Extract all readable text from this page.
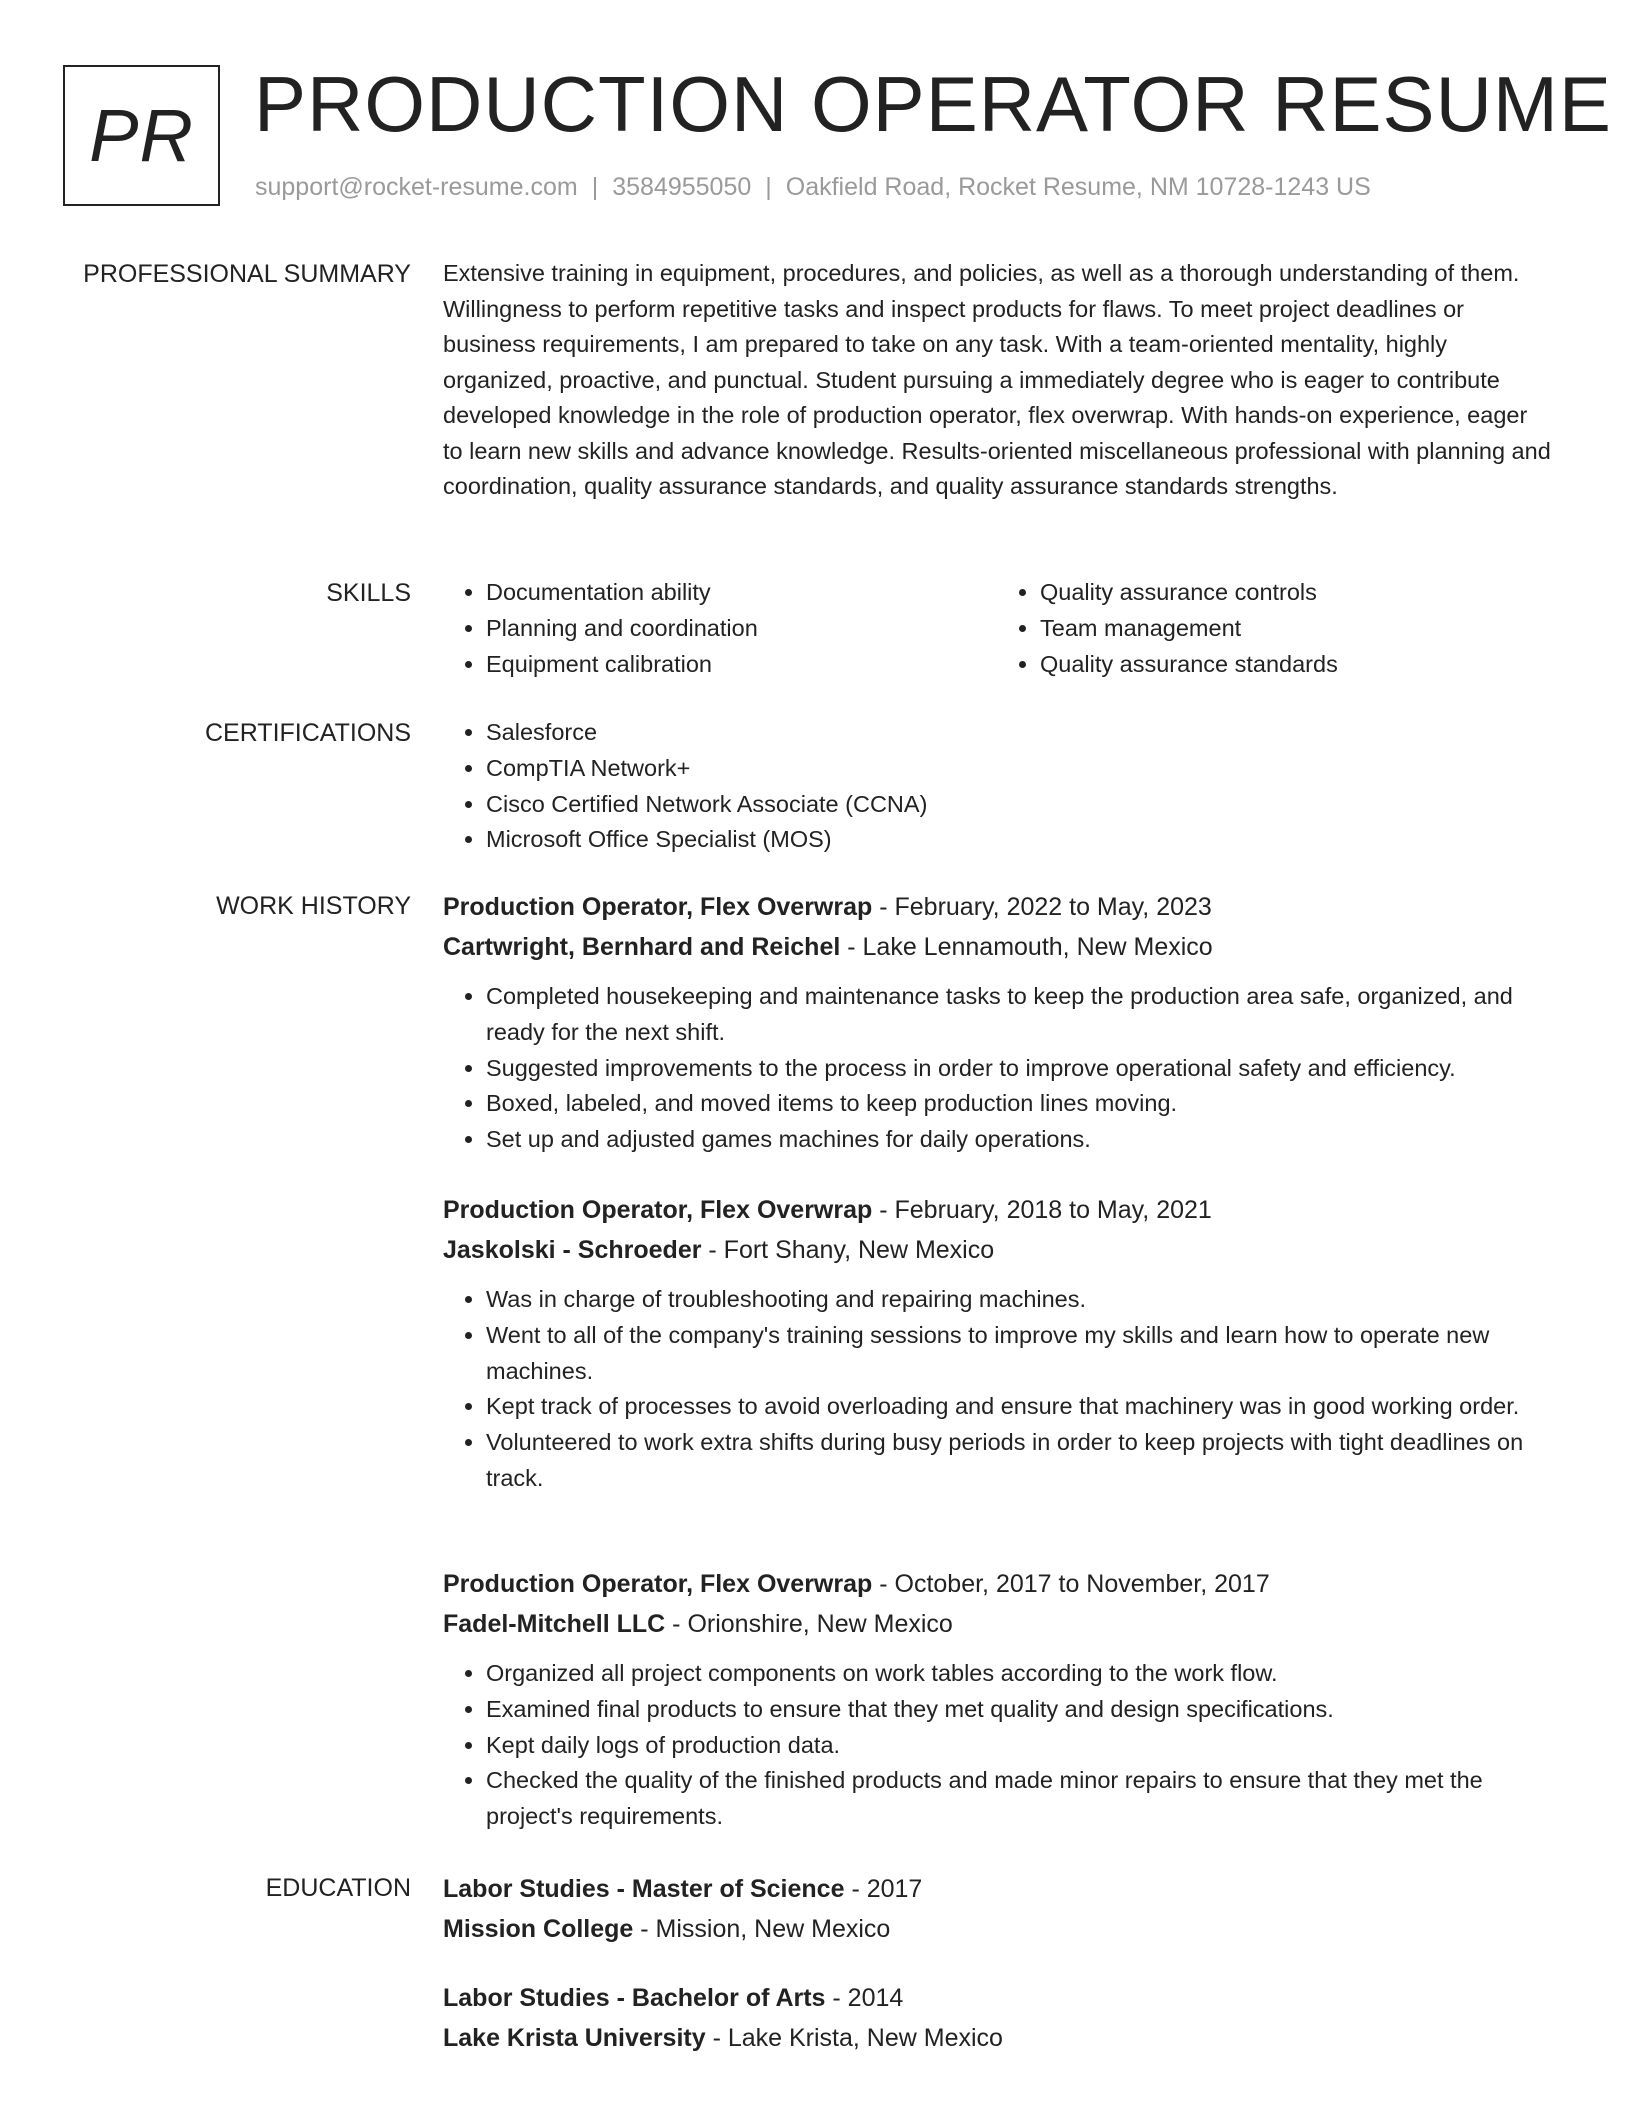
PR PRODUCTION OPERATOR RESUME
support@rocket-resume.com | 3584955050 | Oakfield Road, Rocket Resume, NM 10728-1243 US
PROFESSIONAL SUMMARY Extensive training in equipment, procedures, and policies, as well as a thorough understanding of them. Willingness to perform repetitive tasks and inspect products for flaws. To meet project deadlines or business requirements, I am prepared to take on any task. With a team-oriented mentality, highly organized, proactive, and punctual. Student pursuing a immediately degree who is eager to contribute developed knowledge in the role of production operator, flex overwrap. With hands-on experience, eager to learn new skills and advance knowledge. Results-oriented miscellaneous professional with planning and coordination, quality assurance standards, and quality assurance standards strengths.
SKILLS	• Documentation ability
• Planning and coordination
• Equipment calibration
• Quality assurance controls
• Team management
• Quality assurance standards
CERTIFICATIONS	• Salesforce
• CompTIA Network+
• Cisco Certified Network Associate (CCNA)
• Microsoft Office Specialist (MOS)
WORK HISTORY Production Operator, Flex Overwrap - February, 2022 to May, 2023
Cartwright, Bernhard and Reichel - Lake Lennamouth, New Mexico
• Completed housekeeping and maintenance tasks to keep the production area safe, organized, and ready for the next shift.
• Suggested improvements to the process in order to improve operational safety and efficiency.
• Boxed, labeled, and moved items to keep production lines moving.
• Set up and adjusted games machines for daily operations.
Production Operator, Flex Overwrap - February, 2018 to May, 2021
Jaskolski - Schroeder - Fort Shany, New Mexico
• Was in charge of troubleshooting and repairing machines.
• Went to all of the company's training sessions to improve my skills and learn how to operate new machines.
• Kept track of processes to avoid overloading and ensure that machinery was in good working order.
• Volunteered to work extra shifts during busy periods in order to keep projects with tight deadlines on track.
Production Operator, Flex Overwrap - October, 2017 to November, 2017
Fadel-Mitchell LLC - Orionshire, New Mexico
• Organized all project components on work tables according to the work flow.
• Examined final products to ensure that they met quality and design specifications.
• Kept daily logs of production data.
• Checked the quality of the finished products and made minor repairs to ensure that they met the project's requirements.
EDUCATION Labor Studies - Master of Science - 2017
Mission College - Mission, New Mexico
Labor Studies - Bachelor of Arts - 2014
Lake Krista University - Lake Krista, New Mexico
